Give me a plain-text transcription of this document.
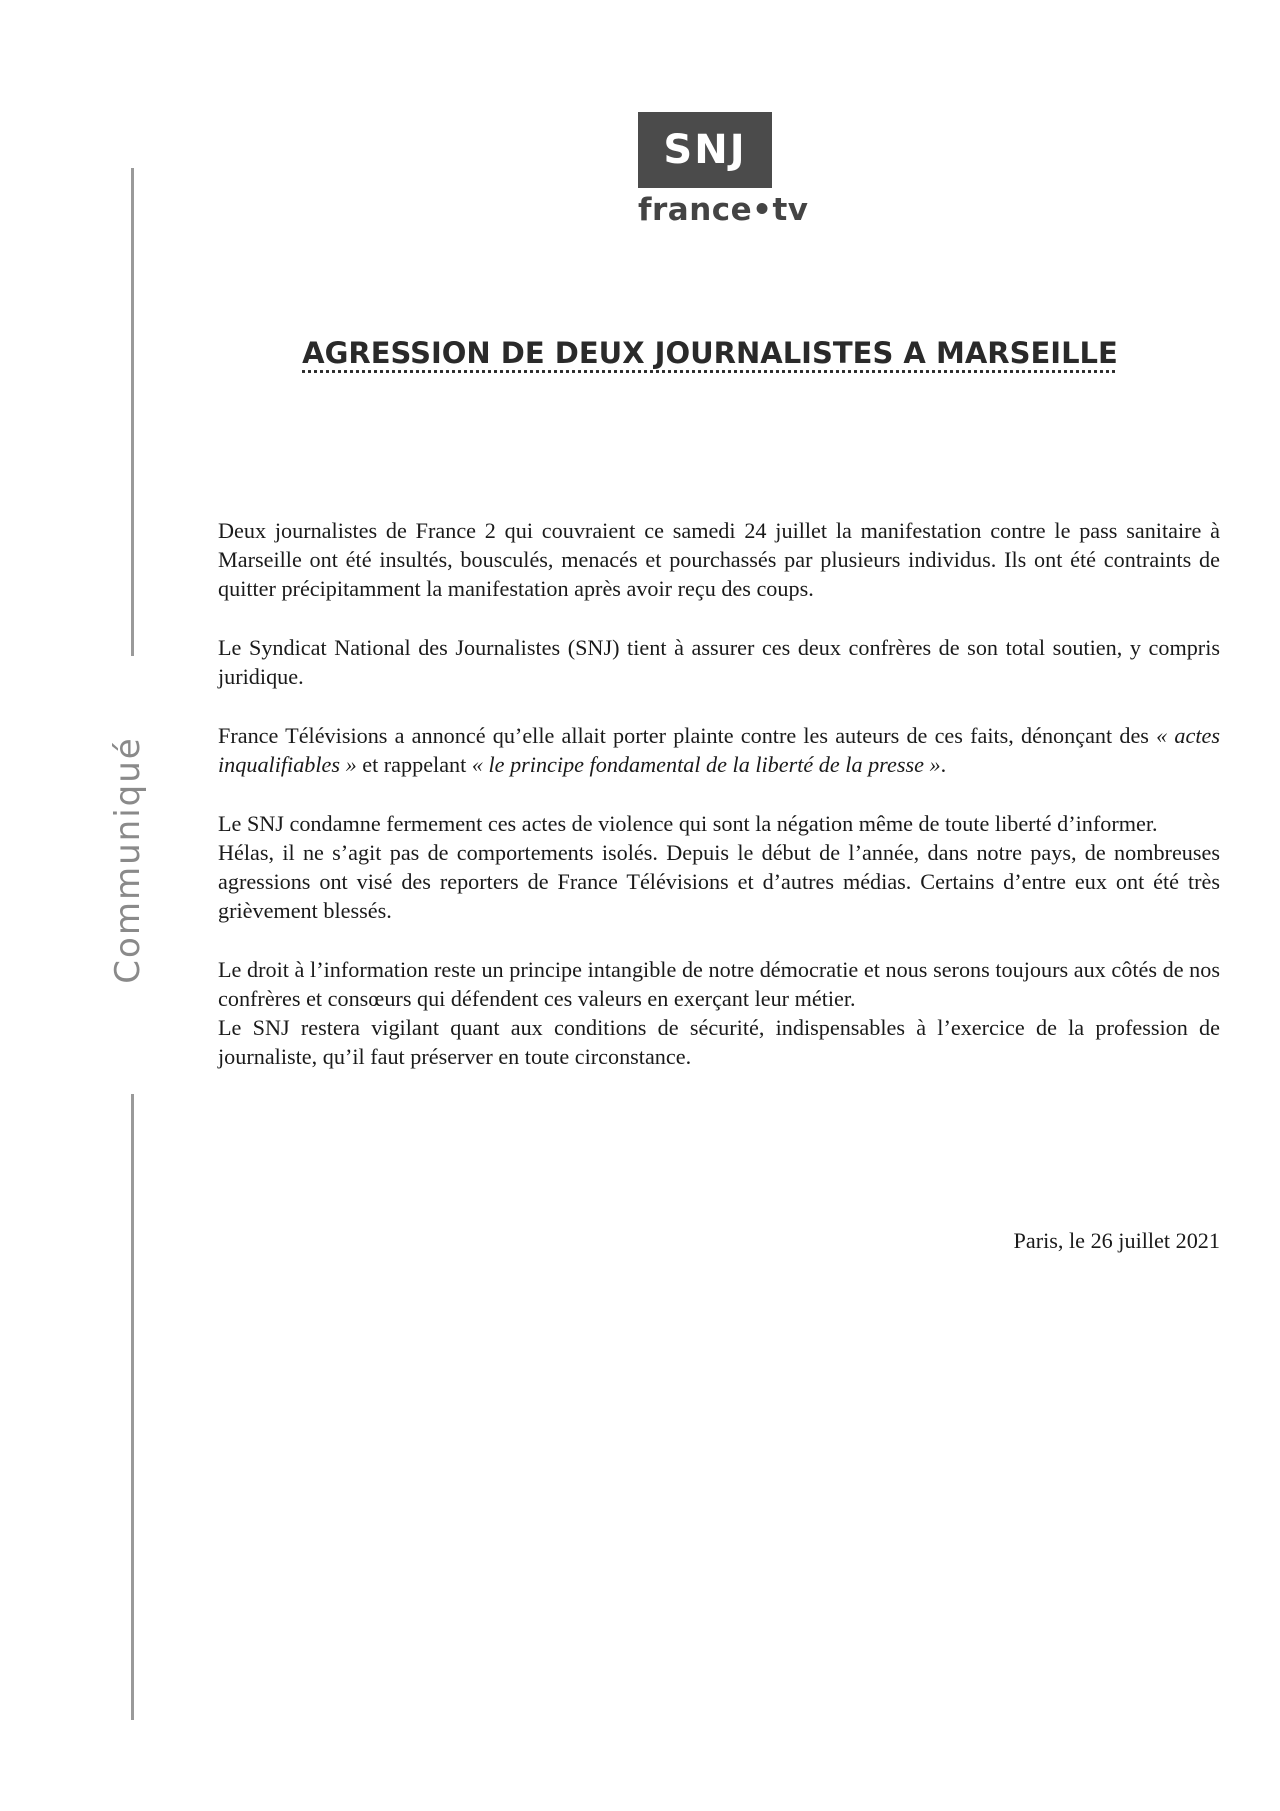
SNJ
france•tv
Communiqué
AGRESSION DE DEUX JOURNALISTES A MARSEILLE

Deux journalistes de France 2 qui couvraient ce samedi 24 juillet la manifestation contre le pass sanitaire à Marseille ont été insultés, bousculés, menacés et pourchassés par plusieurs individus. Ils ont été contraints de quitter précipitamment la manifestation après avoir reçu des coups.

Le Syndicat National des Journalistes (SNJ) tient à assurer ces deux confrères de son total soutien, y compris juridique.

France Télévisions a annoncé qu’elle allait porter plainte contre les auteurs de ces faits, dénonçant des « actes inqualifiables » et rappelant « le principe fondamental de la liberté de la presse ».

Le SNJ condamne fermement ces actes de violence qui sont la négation même de toute liberté d’informer.

Hélas, il ne s’agit pas de comportements isolés. Depuis le début de l’année, dans notre pays, de nombreuses agressions ont visé des reporters de France Télévisions et d’autres médias. Certains d’entre eux ont été très grièvement blessés.

Le droit à l’information reste un principe intangible de notre démocratie et nous serons toujours aux côtés de nos confrères et consœurs qui défendent ces valeurs en exerçant leur métier.

Le SNJ restera vigilant quant aux conditions de sécurité, indispensables à l’exercice de la profession de journaliste, qu’il faut préserver en toute circonstance.

Paris, le 26 juillet 2021
